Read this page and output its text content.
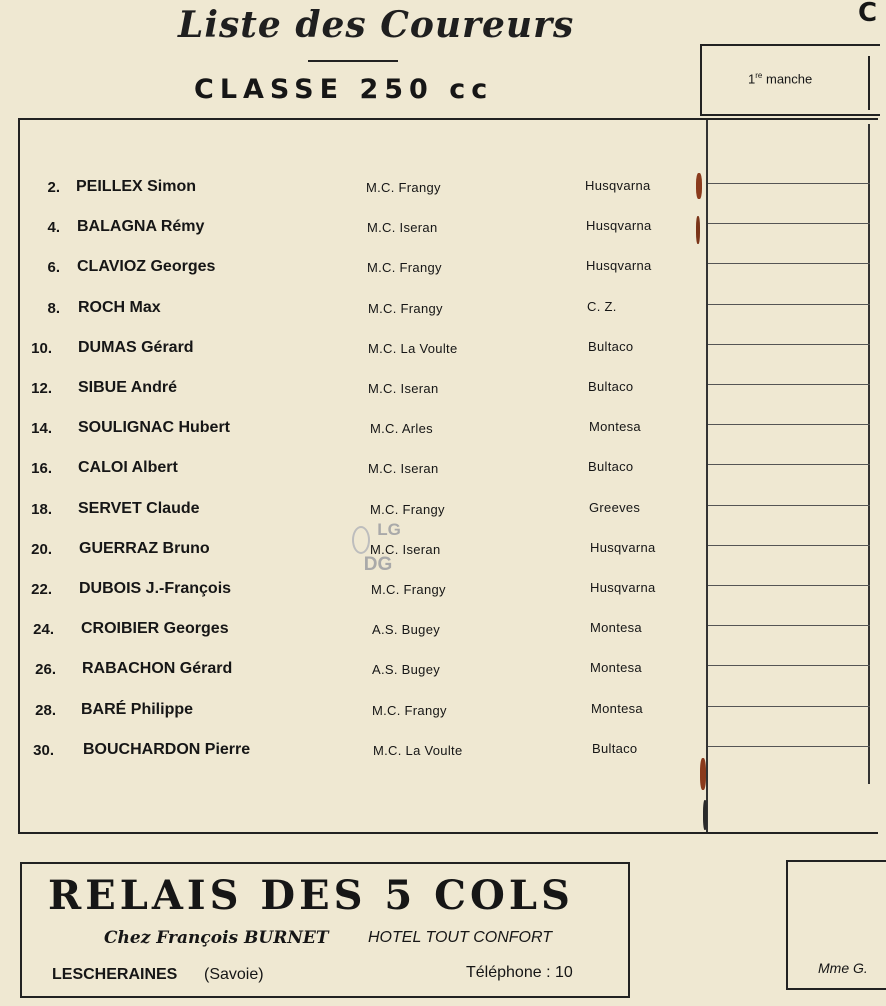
C
Liste des Coureurs
CLASSE 250 cc	1re manche
2. PEILLEX Simon	M.C. Frangy	Husqvarna
4. BALAGNA Rémy	M.C. Iseran	Husqvarna
6. CLAVIOZ Georges	M.C. Frangy	Husqvarna
8. ROCH Max	M.C. Frangy	C. Z.
10. DUMAS Gérard	M.C. La Voulte	Bultaco
12. SIBUE André	M.C. Iseran	Bultaco
14. SOULIGNAC Hubert	M.C. Arles	Montesa
16. CALOI Albert	M.C. Iseran	Bultaco
18. SERVET Claude	M.C. Frangy	Greeves
20. GUERRAZ Bruno	M.C. Iseran	Husqvarna
22. DUBOIS J.-François	M.C. Frangy	Husqvarna
24. CROIBIER Georges	A.S. Bugey	Montesa
26. RABACHON Gérard	A.S. Bugey	Montesa
28. BARÉ Philippe	M.C. Frangy	Montesa
30. BOUCHARDON Pierre	M.C. La Voulte	Bultaco
LG
DG
RELAIS DES 5 COLS
Chez François BURNET HOTEL TOUT CONFORT
LESCHERAINES (Savoie)	Téléphone : 10	Mme G.
